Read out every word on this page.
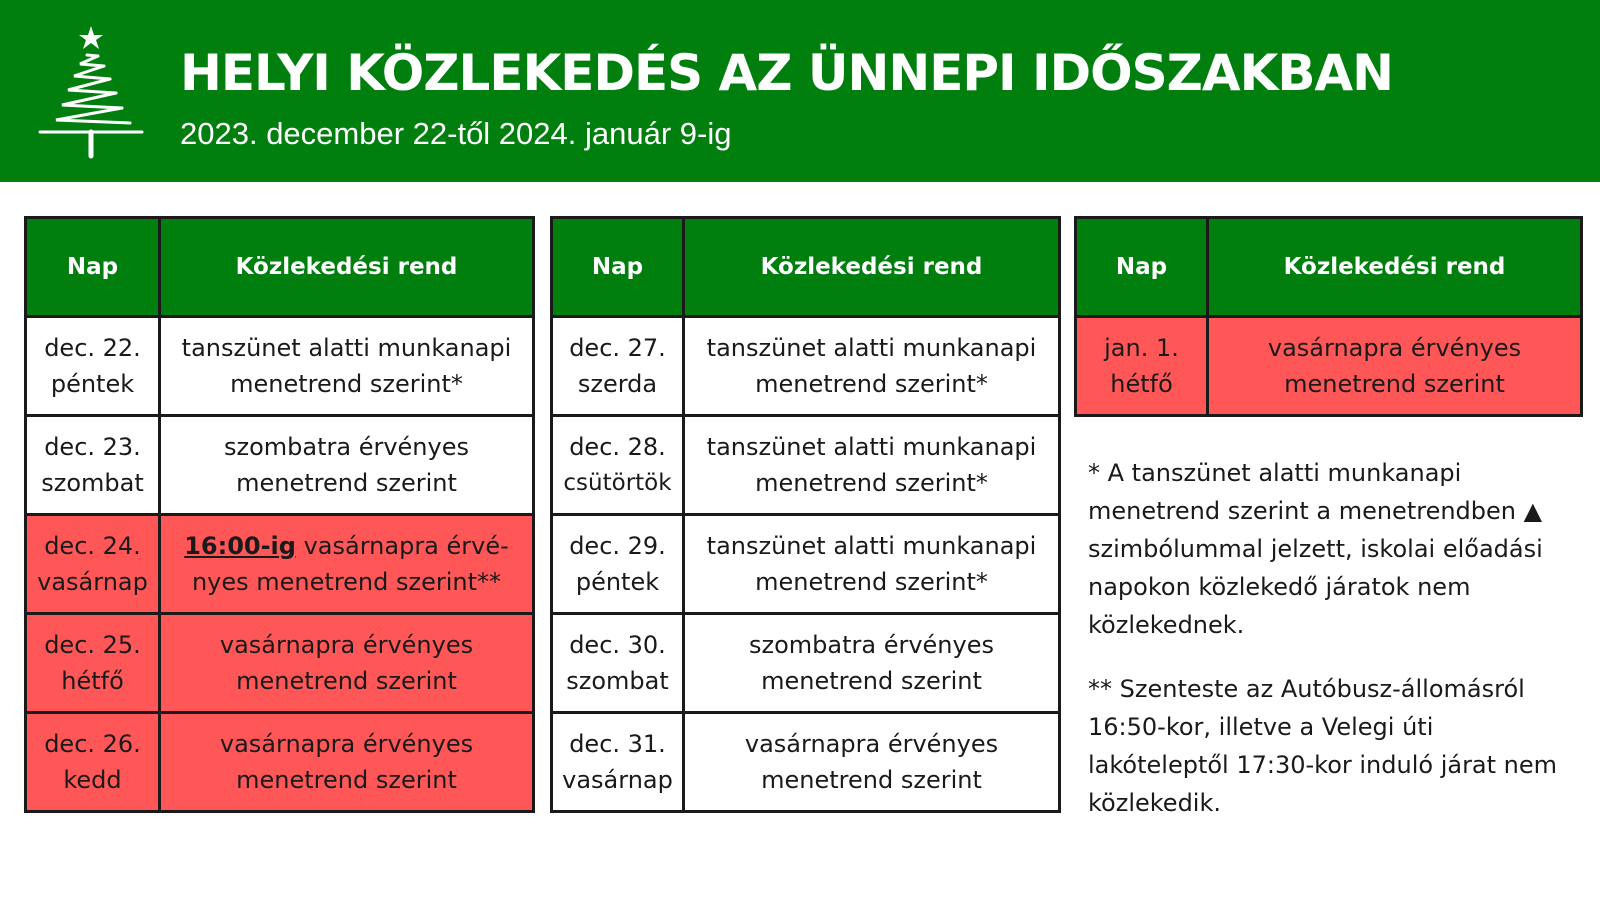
HELYI KÖZLEKEDÉS AZ ÜNNEPI IDŐSZAKBAN
2023. december 22-től 2024. január 9-ig
Nap	Közlekedési rend

dec. 22.
péntek	tanszünet alatti munkanapi
menetrend szerint*

dec. 23.
szombat	szombatra érvényes
menetrend szerint

dec. 24.
vasárnap	16:00-ig vasárnapra érvé-
nyes menetrend szerint**

dec. 25.
hétfő	vasárnapra érvényes
menetrend szerint

dec. 26.
kedd	vasárnapra érvényes
menetrend szerint
Nap	Közlekedési rend

dec. 27.
szerda	tanszünet alatti munkanapi
menetrend szerint*

dec. 28.
csütörtök	tanszünet alatti munkanapi
menetrend szerint*

dec. 29.
péntek	tanszünet alatti munkanapi
menetrend szerint*

dec. 30.
szombat	szombatra érvényes
menetrend szerint

dec. 31.
vasárnap	vasárnapra érvényes
menetrend szerint
Nap	Közlekedési rend

jan. 1.
hétfő	vasárnapra érvényes
menetrend szerint

* A tanszünet alatti munkanapi menetrend szerint a menetrendben ▲ szimbólummal jelzett, iskolai előadási napokon közlekedő járatok nem közlekednek.

** Szenteste az Autóbusz-állomásról 16:50-kor, illetve a Velegi úti lakóteleptől 17:30-kor induló járat nem közlekedik.
